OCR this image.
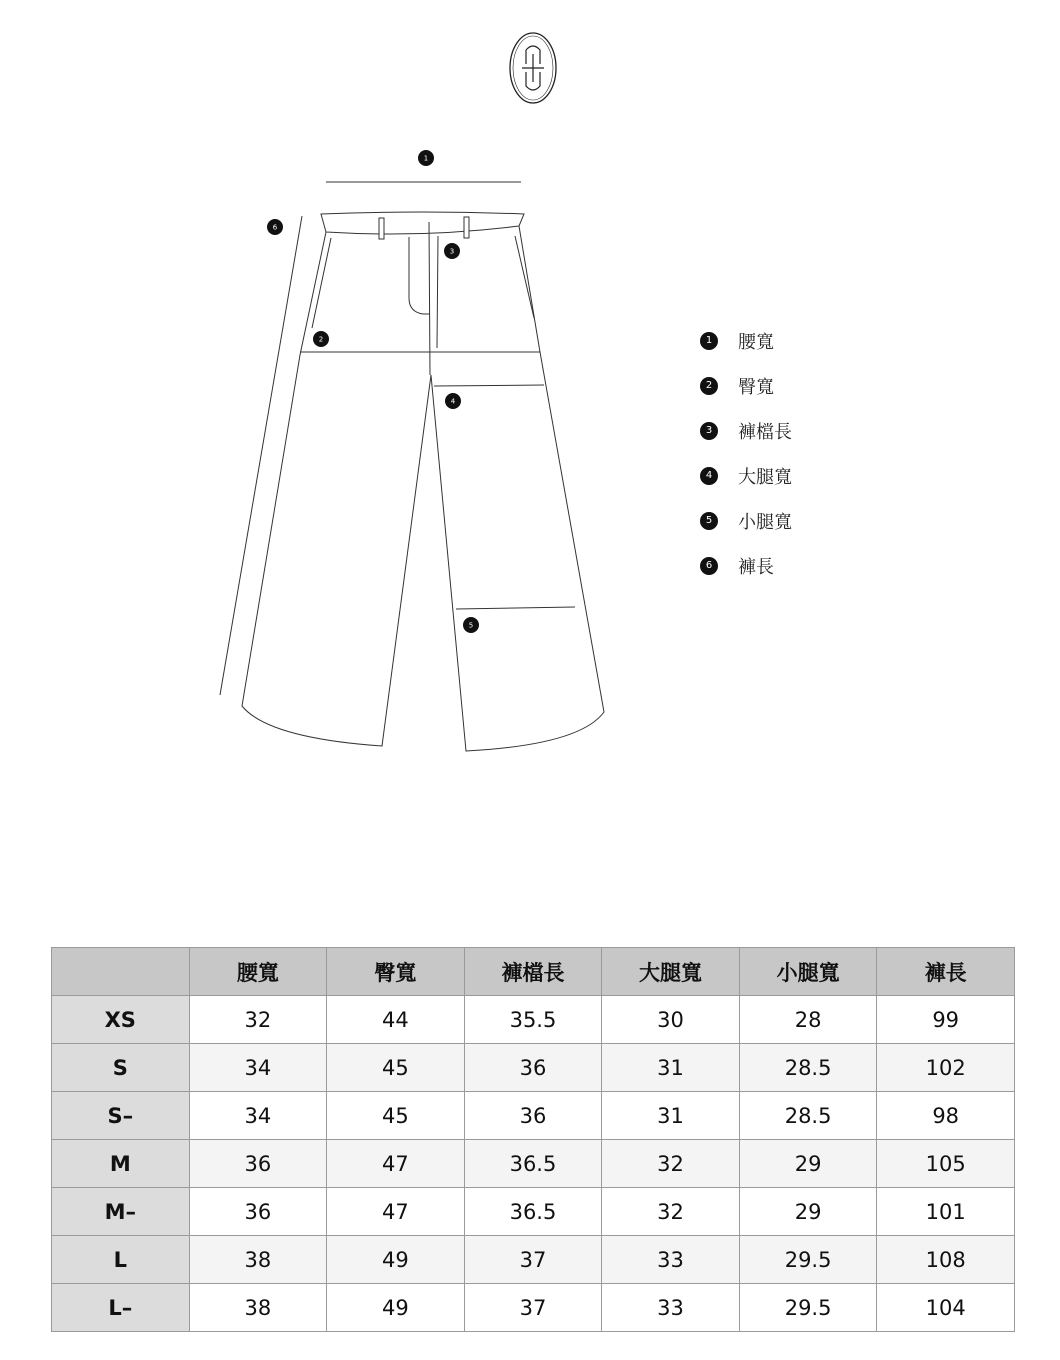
1
2
3
4
5
6
1	腰寬
2	臀寬
3	褲檔長
4	大腿寬
5	小腿寬
6	褲長
	腰寬	臀寬	褲檔長	大腿寬	小腿寬	褲長
XS	32	44	35.5	30	28	99
S	34	45	36	31	28.5	102
S–	34	45	36	31	28.5	98
M	36	47	36.5	32	29	105
M–	36	47	36.5	32	29	101
L	38	49	37	33	29.5	108
L–	38	49	37	33	29.5	104
